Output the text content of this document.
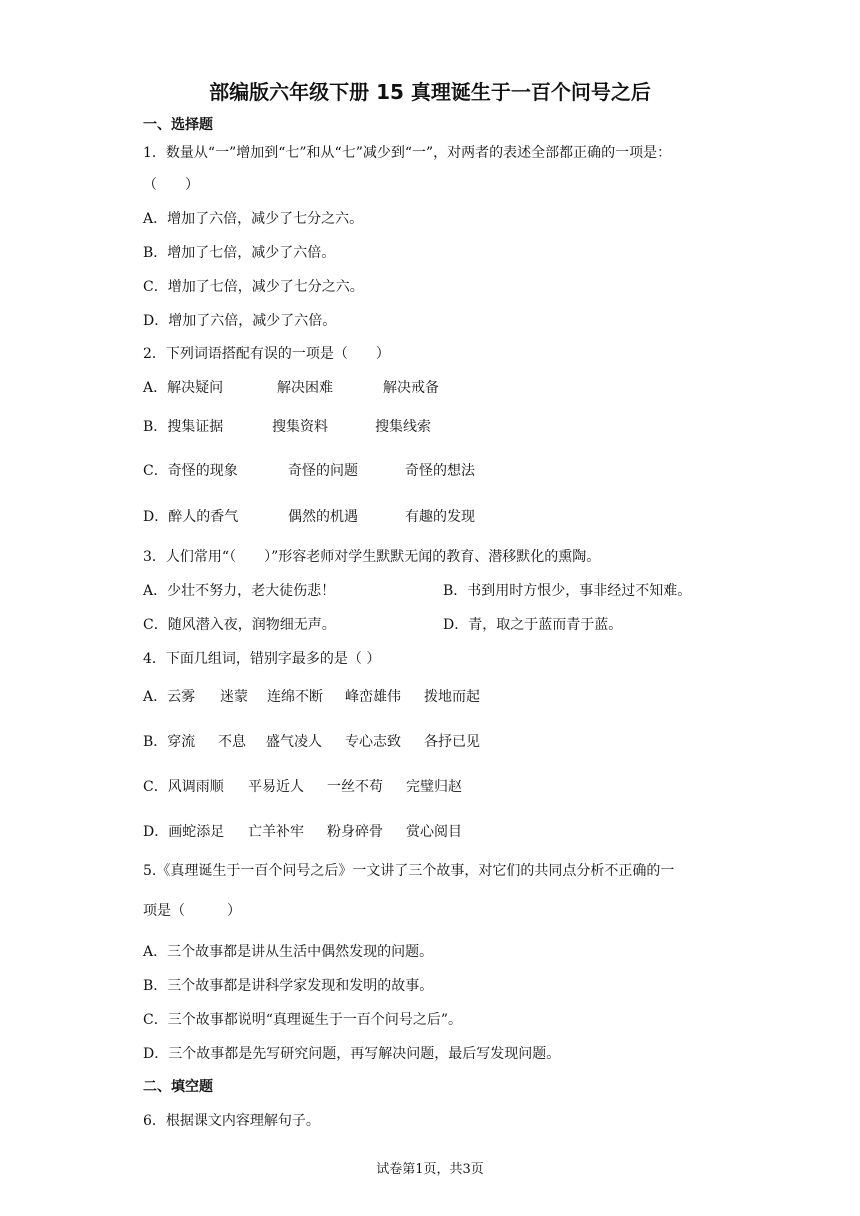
部编版六年级下册 15 真理诞生于一百个问号之后
一、选择题
1．数量从“一”增加到“七”和从“七”减少到“一”，对两者的表述全部都正确的一项是：
（　　）
A．增加了六倍，减少了七分之六。
B．增加了七倍，减少了六倍。
C．增加了七倍，减少了七分之六。
D．增加了六倍，减少了六倍。
2．下列词语搭配有误的一项是（　　）
A．解决疑问	解决困难	解决戒备
B．搜集证据	搜集资料	搜集线索
C．奇怪的现象	奇怪的问题	奇怪的想法
D．醉人的香气	偶然的机遇	有趣的发现
3．人们常用“（　　）”形容老师对学生默默无闻的教育、潜移默化的熏陶。
A．少壮不努力，老大徒伤悲！	B．书到用时方恨少，事非经过不知难。
C．随风潜入夜，润物细无声。	D．青，取之于蓝而青于蓝。
4．下面几组词，错别字最多的是（ ）
A．云雾 迷蒙 连绵不断 峰峦雄伟 拨地而起
B．穿流 不息 盛气凌人 专心志致 各抒已见
C．风调雨顺 平易近人 一丝不苟 完璧归赵
D．画蛇添足 亡羊补牢 粉身碎骨 赏心阅目
5.《真理诞生于一百个问号之后》一文讲了三个故事，对它们的共同点分析不正确的一
项是（　　　）
A．三个故事都是讲从生活中偶然发现的问题。
B．三个故事都是讲科学家发现和发明的故事。
C．三个故事都说明“真理诞生于一百个问号之后”。
D．三个故事都是先写研究问题，再写解决问题，最后写发现问题。
二、填空题
6．根据课文内容理解句子。
试卷第1页，共3页
